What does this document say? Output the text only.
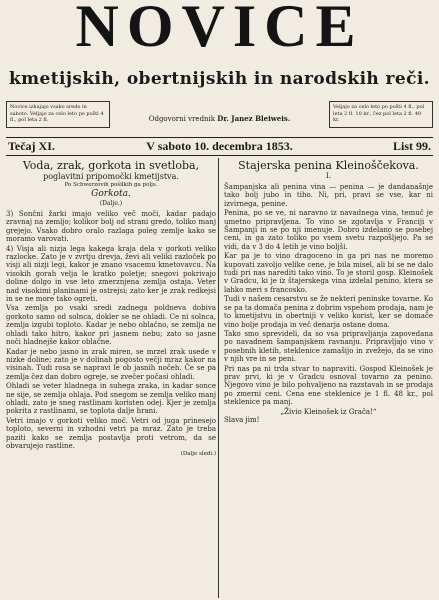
NOVICE
kmetijskih, obertnijskih in narodskih reči.
Novice izhajajo vsako sredo in saboto. Veljajo za celo leto po pošti 4 fl., pol leta 2 fl.
Veljajo za celo leto po pošti 4 fl., pol leta 2 fl. 10 kr., čez pol leta 2 fl. 40 kr.
Odgovorni vrednik Dr. Janez Bleiweis.
V saboto 10. decembra 1853.
Tečaj XI.	List 99.
Voda, zrak, gorkota in svetloba,
poglavitni pripomočki kmetijstva.
Po Schwerzovih pošilkih ga poljs.
Gorkota.
(Dalje.)

3) Sončni žarki imajo veliko več moči, kadar padajo zravnaj na zemljo; kolikor bolj od strani gredo, toliko manj grejejo. Vsako dobro oralo razlaga poleg zemlje kako se moramo varovati.

4) Visja ali nizja lega kakega kraja dela v gorkoti veliko razlocke. Zato je v zvrtju drevja, ževi ali veliki razloček po visji ali nizji legi, kakor je znano vsacemu kmetovavcu. Na visokih gorah velja le kratko poletje; snegovi pokrivajo doline dolgo in vse leto zmerznjena zemlja ostaja. Veter nad visokimi planinami je ostrejsi; zato ker je zrak redkejsi in se ne more tako ogreti.

Vsa zemlja po vsaki sredi zadnega poldneva dobiva gorkoto samo od solnca, dokler se ne ohladi. Ce ni solnca, zemlja izgubi toploto. Kadar je nebo oblačno, se zemlja ne ohladi tako hitro, kakor pri jasnem nebu; zato so jasne noči hladnejše kakor oblačne.

Kadar je nebo jasno in zrak miren, se mrzel zrak usede v nizke doline; zato je v dolinah pogosto večji mraz kakor na visinah. Tudi rosa se napravi le ob jasnih nočeh. Če se pa zemlja čez dan dobro ogreje, se zvečer počasi ohladi.

Ohladi se veter hladnega in suhega zraka, in kadar sonce ne sije, se zemlja ohlaja. Pod snegom se zemlja veliko manj ohladi, zato je sneg rastlinam koristen odej. Kjer je zemlja pokrita z rastlinami, se toplota dalje hrani.

Vetri imajo v gorkoti veliko moč. Vetri od juga prinesejo toploto, severni in vzhodni vetri pa mraz. Zato je treba paziti kako se zemlja postavlja proti vetrom, da se obvarujejo rastline.

(Dalje sledi.)
Stajerska penina Kleinoščekova.
I.

Šampanjska ali penina vina — penina — je dandanašnje tako bolj jubo in tiho. Ni, pri, pravi se vse, kar ni izvirnega, penine.

Penina, po se ve, ni naravno iz navadnega vina, temuč je umetno pripravljena. To vino se zgotavlja v Franciji v Šampanji in se po nji imenuje. Dobro izdelano se posebej ceni, in ga zato toliko po vsem svetu razpošljejo. Pa se vidi, da v 3 do 4 letih je vino boljši.

Kar pa je to vino dragoceno in ga pri nas ne moremo kupovati zavoljo velike cene, je bila misel, ali bi se ne dalo tudi pri nas narediti tako vino. To je storil gosp. Kleinošek v Gradcu, ki je iz štajerskega vina izdelal penino, ktera se lahko meri s francosko.

Tudi v našem cesarstvu se že nekteri peninske tovarne. Ko se pa ta domača penina z dobrim vspehom prodaja, nam je to kmetijstvu in obertniji v veliko korist, ker se domače vino bolje prodaja in več denarja ostane doma.

Tako smo sprevideli, da so vsa pripravljanja zapovedana po navadnem šampanjskem ravnanju. Pripravljajo vino v posebnih kletih, steklenice zamašijo in zvežejo, da se vino v njih vre in se peni.

Pri nas pa ni trda stvar to napraviti. Gospod Kleinošek je prav prvi, ki je v Gradcu osnoval tovarno za penino. Njegovo vino je bilo pohvaljeno na razstavah in se prodaja po zmerni ceni. Cena ene steklenice je 1 fl. 48 kr., pol steklenice pa manj.

„Živio Kleinošek iz Grača!“
Slava jim!
